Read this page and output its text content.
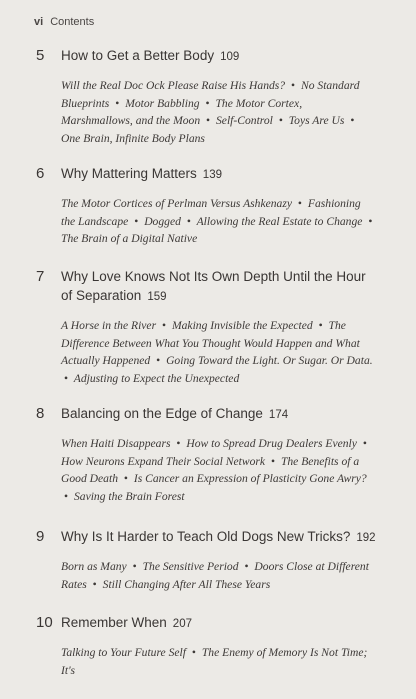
vi Contents
5	How to Get a Better Body 109
Will the Real Doc Ock Please Raise His Hands? • No Standard Blueprints • Motor Babbling • The Motor Cortex, Marshmallows, and the Moon • Self-Control • Toys Are Us • One Brain, Infinite Body Plans
6	Why Mattering Matters 139
The Motor Cortices of Perlman Versus Ashkenazy • Fashioning the Landscape • Dogged • Allowing the Real Estate to Change • The Brain of a Digital Native
7	Why Love Knows Not Its Own Depth Until the Hour of Separation 159
A Horse in the River • Making Invisible the Expected • The Difference Between What You Thought Would Happen and What Actually Happened • Going Toward the Light. Or Sugar. Or Data. • Adjusting to Expect the Unexpected
8	Balancing on the Edge of Change 174
When Haiti Disappears • How to Spread Drug Dealers Evenly • How Neurons Expand Their Social Network • The Benefits of a Good Death • Is Cancer an Expression of Plasticity Gone Awry? • Saving the Brain Forest
9	Why Is It Harder to Teach Old Dogs New Tricks? 192
Born as Many • The Sensitive Period • Doors Close at Different Rates • Still Changing After All These Years
10 Remember When 207
Talking to Your Future Self • The Enemy of Memory Is Not Time; It's
